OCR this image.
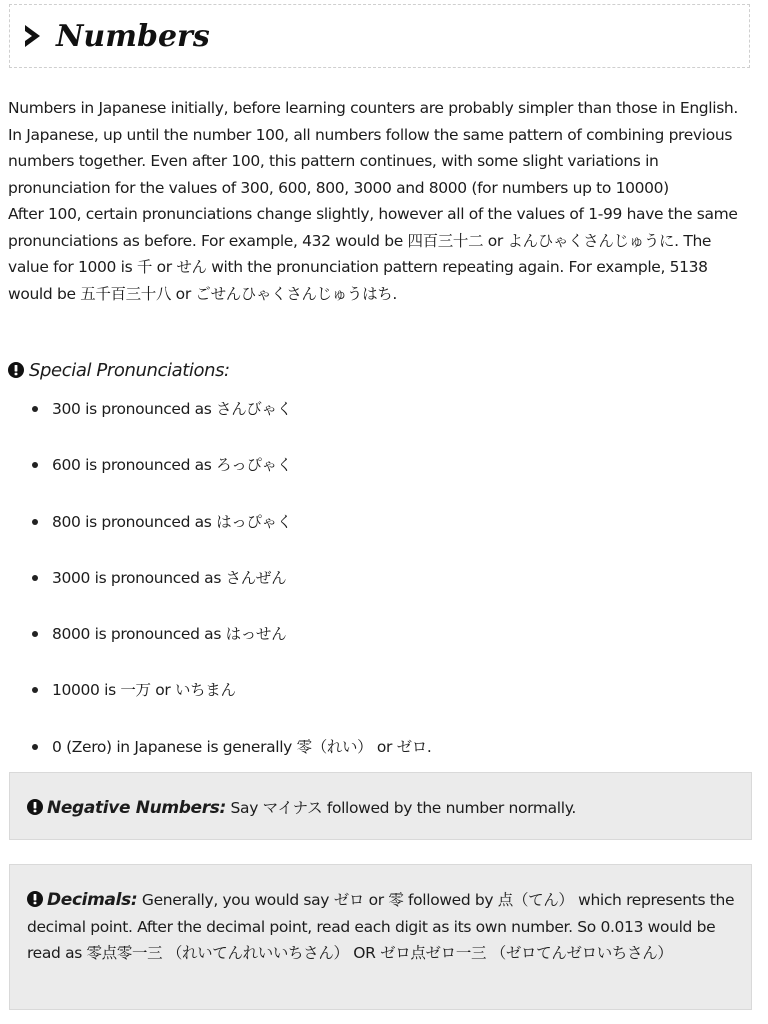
Numbers

Numbers in Japanese initially, before learning counters are probably simpler than those in English. In Japanese, up until the number 100, all numbers follow the same pattern of combining previous numbers together. Even after 100, this pattern continues, with some slight variations in pronunciation for the values of 300, 600, 800, 3000 and 8000 (for numbers up to 10000)

After 100, certain pronunciations change slightly, however all of the values of 1-99 have the same pronunciations as before. For example, 432 would be 四百三十二 or よんひゃくさんじゅうに. The value for 1000 is 千 or せん with the pronunciation pattern repeating again. For example, 5138 would be 五千百三十八 or ごせんひゃくさんじゅうはち.

Special Pronunciations:
300 is pronounced as さんびゃく
600 is pronounced as ろっぴゃく
800 is pronounced as はっぴゃく
3000 is pronounced as さんぜん
8000 is pronounced as はっせん
10000 is 一万 or いちまん
0 (Zero) in Japanese is generally 零（れい） or ゼロ.
Negative Numbers: Say マイナス followed by the number normally.
Decimals: Generally, you would say ゼロ or 零 followed by 点（てん） which represents the decimal point. After the decimal point, read each digit as its own number. So 0.013 would be read as 零点零一三 （れいてんれいいちさん） OR ゼロ点ゼロ一三 （ゼロてんゼロいちさん）
